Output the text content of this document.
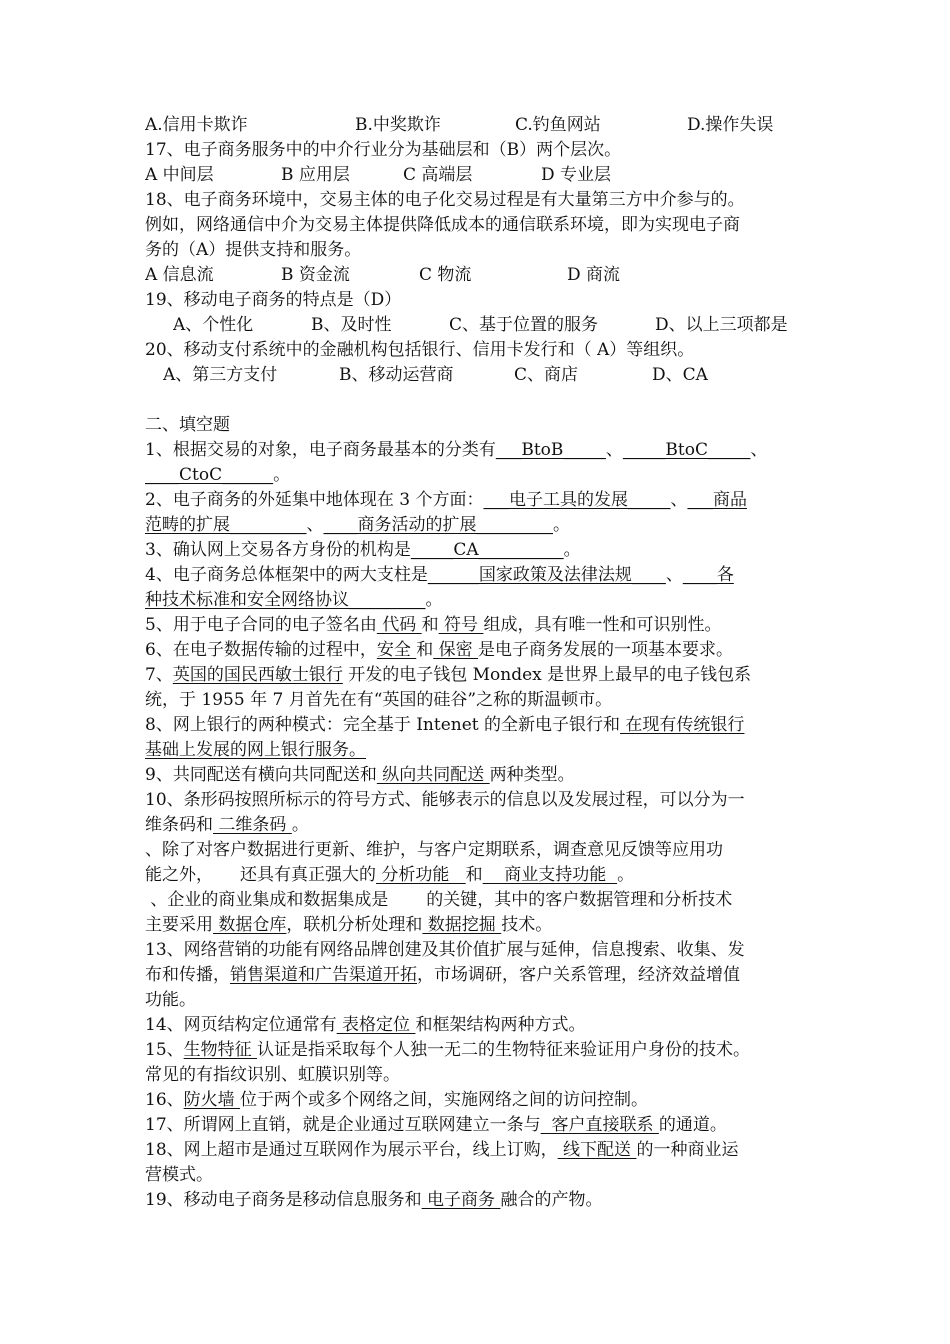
A.信用卡欺诈	B.中奖欺诈	C.钓鱼网站	D.操作失误
17、电子商务服务中的中介行业分为基础层和（B）两个层次。
A 中间层	B 应用层	C 高端层	D 专业层
18、电子商务环境中，交易主体的电子化交易过程是有大量第三方中介参与的。
例如，网络通信中介为交易主体提供降低成本的通信联系环境，即为实现电子商
务的（A）提供支持和服务。
A 信息流	B 资金流	C 物流	D 商流
19、移动电子商务的特点是（D）
A、个性化	B、及时性	C、基于位置的服务	D、以上三项都是
20、移动支付系统中的金融机构包括银行、信用卡发行和（ A）等组织。
A、第三方支付	B、移动运营商	C、商店	D、CA
二、填空题
1、根据交易的对象，电子商务最基本的分类有___BtoB_____、_____BtoC_____、
____CtoC______。
2、电子商务的外延集中地体现在 3 个方面：___电子工具的发展_____、___商品
范畴的扩展_________、____商务活动的扩展_________。
3、确认网上交易各方身份的机构是_____CA__________。
4、电子商务总体框架中的两大支柱是______国家政策及法律法规____、____各
种技术标准和安全网络协议_________。
5、用于电子合同的电子签名由 代码 和 符号 组成，具有唯一性和可识别性。
6、在电子数据传输的过程中，安全 和 保密 是电子商务发展的一项基本要求。
7、英国的国民西敏士银行 开发的电子钱包 Mondex 是世界上最早的电子钱包系
统，于 1955 年 7 月首先在有“英国的硅谷”之称的斯温顿市。
8、网上银行的两种模式：完全基于 Intenet 的全新电子银行和 在现有传统银行
基础上发展的网上银行服务。
9、共同配送有横向共同配送和 纵向共同配送 两种类型。
10、条形码按照所标示的符号方式、能够表示的信息以及发展过程，可以分为一
维条码和 二维条码 。
、除了对客户数据进行更新、维护，与客户定期联系，调查意见反馈等应用功
能之外，     还具有真正强大的 分析功能   和    商业支持功能  。
、企业的商业集成和数据集成是 的关键，其中的客户数据管理和分析技术
主要采用 数据仓库，联机分析处理和 数据挖掘 技术。
13、网络营销的功能有网络品牌创建及其价值扩展与延伸，信息搜索、收集、发
布和传播，销售渠道和广告渠道开拓，市场调研，客户关系管理，经济效益增值
功能。
14、网页结构定位通常有 表格定位 和框架结构两种方式。
15、生物特征 认证是指采取每个人独一无二的生物特征来验证用户身份的技术。
常见的有指纹识别、虹膜识别等。
16、防火墙 位于两个或多个网络之间，实施网络之间的访问控制。
17、所谓网上直销，就是企业通过互联网建立一条与  客户直接联系 的通道。
18、网上超市是通过互联网作为展示平台，线上订购， 线下配送 的一种商业运
营模式。
19、移动电子商务是移动信息服务和 电子商务 融合的产物。
